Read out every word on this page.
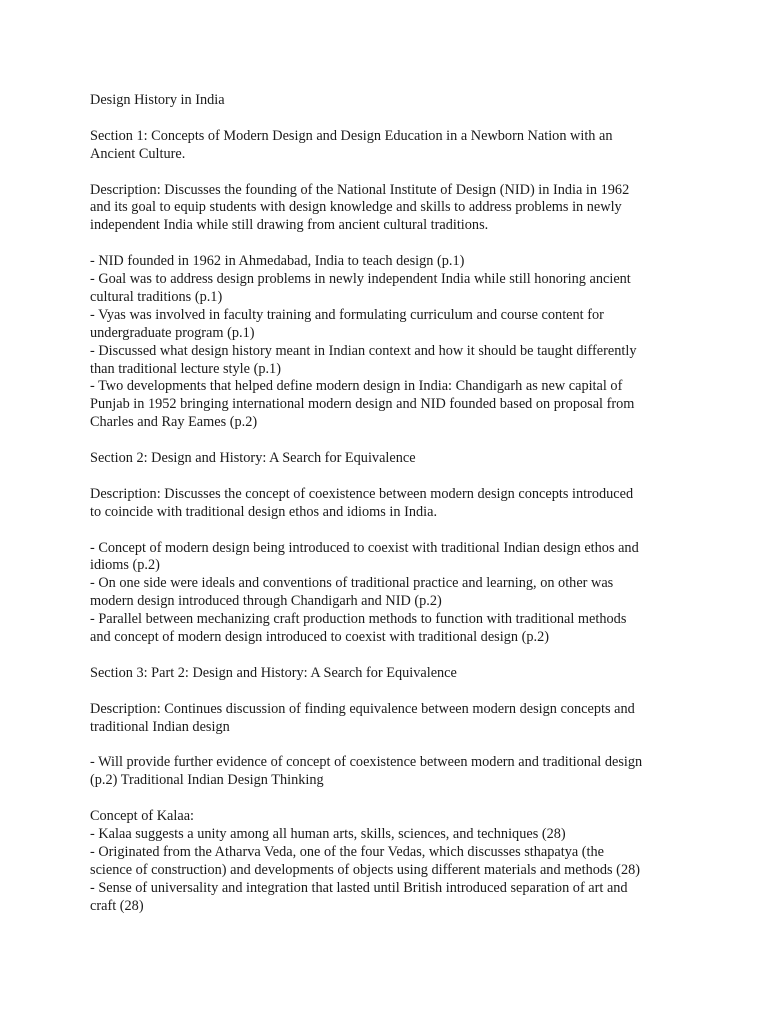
Design History in India
Section 1: Concepts of Modern Design and Design Education in a Newborn Nation with an
Ancient Culture.
Description: Discusses the founding of the National Institute of Design (NID) in India in 1962
and its goal to equip students with design knowledge and skills to address problems in newly
independent India while still drawing from ancient cultural traditions.
- NID founded in 1962 in Ahmedabad, India to teach design (p.1)
- Goal was to address design problems in newly independent India while still honoring ancient
cultural traditions (p.1)
- Vyas was involved in faculty training and formulating curriculum and course content for
undergraduate program (p.1)
- Discussed what design history meant in Indian context and how it should be taught differently
than traditional lecture style (p.1)
- Two developments that helped define modern design in India: Chandigarh as new capital of
Punjab in 1952 bringing international modern design and NID founded based on proposal from
Charles and Ray Eames (p.2)
Section 2: Design and History: A Search for Equivalence
Description: Discusses the concept of coexistence between modern design concepts introduced
to coincide with traditional design ethos and idioms in India.
- Concept of modern design being introduced to coexist with traditional Indian design ethos and
idioms (p.2)
- On one side were ideals and conventions of traditional practice and learning, on other was
modern design introduced through Chandigarh and NID (p.2)
- Parallel between mechanizing craft production methods to function with traditional methods
and concept of modern design introduced to coexist with traditional design (p.2)
Section 3: Part 2: Design and History: A Search for Equivalence
Description: Continues discussion of finding equivalence between modern design concepts and
traditional Indian design
- Will provide further evidence of concept of coexistence between modern and traditional design
(p.2) Traditional Indian Design Thinking
Concept of Kalaa:
- Kalaa suggests a unity among all human arts, skills, sciences, and techniques (28)
- Originated from the Atharva Veda, one of the four Vedas, which discusses sthapatya (the
science of construction) and developments of objects using different materials and methods (28)
- Sense of universality and integration that lasted until British introduced separation of art and
craft (28)
